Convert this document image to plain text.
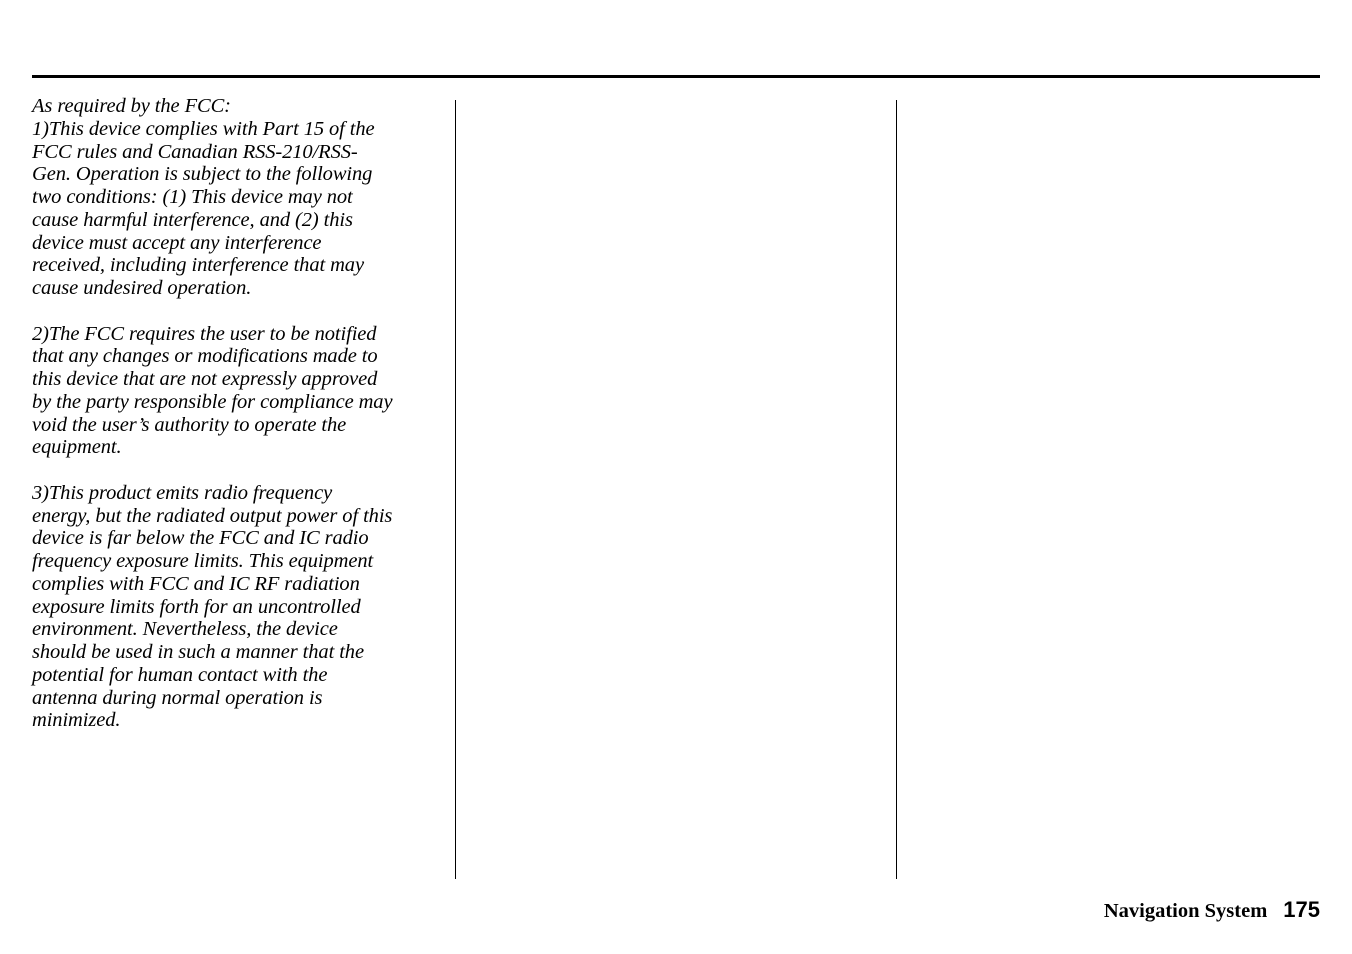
As required by the FCC:

1)This device complies with Part 15 of the
FCC rules and Canadian RSS-210/RSS-
Gen. Operation is subject to the following
two conditions: (1) This device may not
cause harmful interference, and (2) this
device must accept any interference
received, including interference that may
cause undesired operation.

2)The FCC requires the user to be notified
that any changes or modifications made to
this device that are not expressly approved
by the party responsible for compliance may
void the user’s authority to operate the
equipment.

3)This product emits radio frequency
energy, but the radiated output power of this
device is far below the FCC and IC radio
frequency exposure limits. This equipment
complies with FCC and IC RF radiation
exposure limits forth for an uncontrolled
environment. Nevertheless, the device
should be used in such a manner that the
potential for human contact with the
antenna during normal operation is
minimized.

Navigation System 175
